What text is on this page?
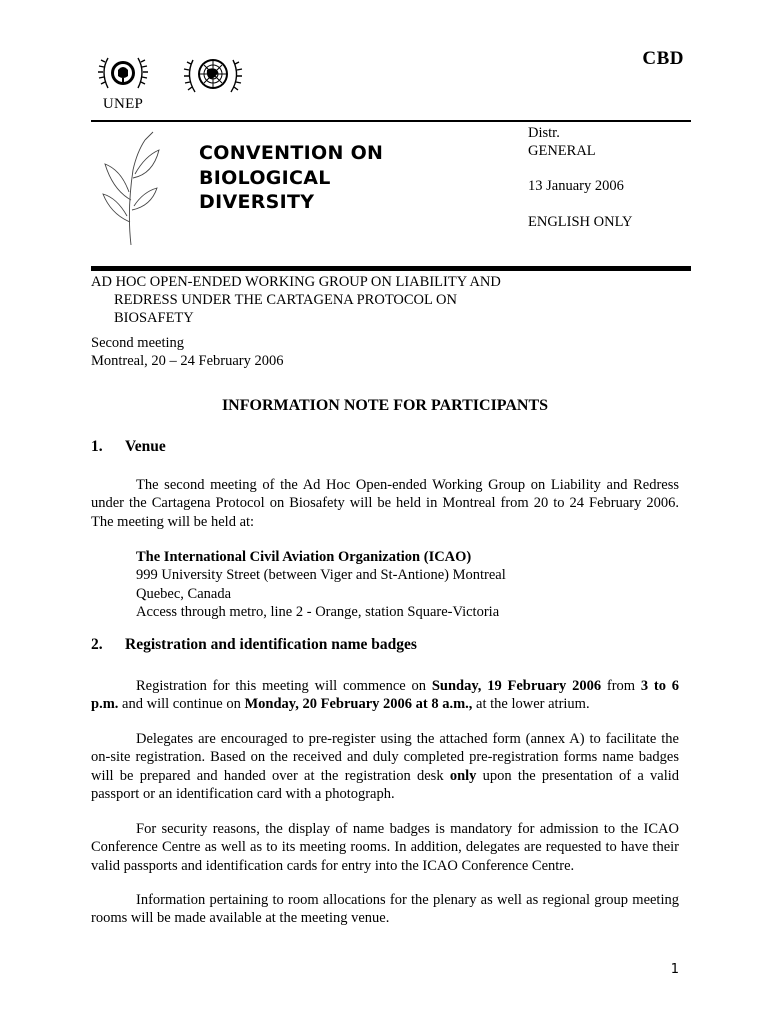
CBD
UNEP
CONVENTION ON
BIOLOGICAL
DIVERSITY
Distr.
GENERAL
13 January 2006
ENGLISH ONLY
AD HOC OPEN-ENDED WORKING GROUP ON LIABILITY AND
REDRESS UNDER THE CARTAGENA PROTOCOL ON
BIOSAFETY
Second meeting
Montreal, 20 – 24 February 2006
INFORMATION NOTE FOR PARTICIPANTS
1. Venue
The second meeting of the Ad Hoc Open-ended Working Group on Liability and Redress under the Cartagena Protocol on Biosafety will be held in Montreal from 20 to 24 February 2006. The meeting will be held at:
The International Civil Aviation Organization (ICAO)
999 University Street (between Viger and St-Antione) Montreal
Quebec, Canada
Access through metro, line 2 - Orange, station Square-Victoria
2. Registration and identification name badges
Registration for this meeting will commence on Sunday, 19 February 2006 from 3 to 6 p.m. and will continue on Monday, 20 February 2006 at 8 a.m., at the lower atrium.
Delegates are encouraged to pre-register using the attached form (annex A) to facilitate the on-site registration. Based on the received and duly completed pre-registration forms name badges will be prepared and handed over at the registration desk only upon the presentation of a valid passport or an identification card with a photograph.
For security reasons, the display of name badges is mandatory for admission to the ICAO Conference Centre as well as to its meeting rooms. In addition, delegates are requested to have their valid passports and identification cards for entry into the ICAO Conference Centre.
Information pertaining to room allocations for the plenary as well as regional group meeting rooms will be made available at the meeting venue.
1
